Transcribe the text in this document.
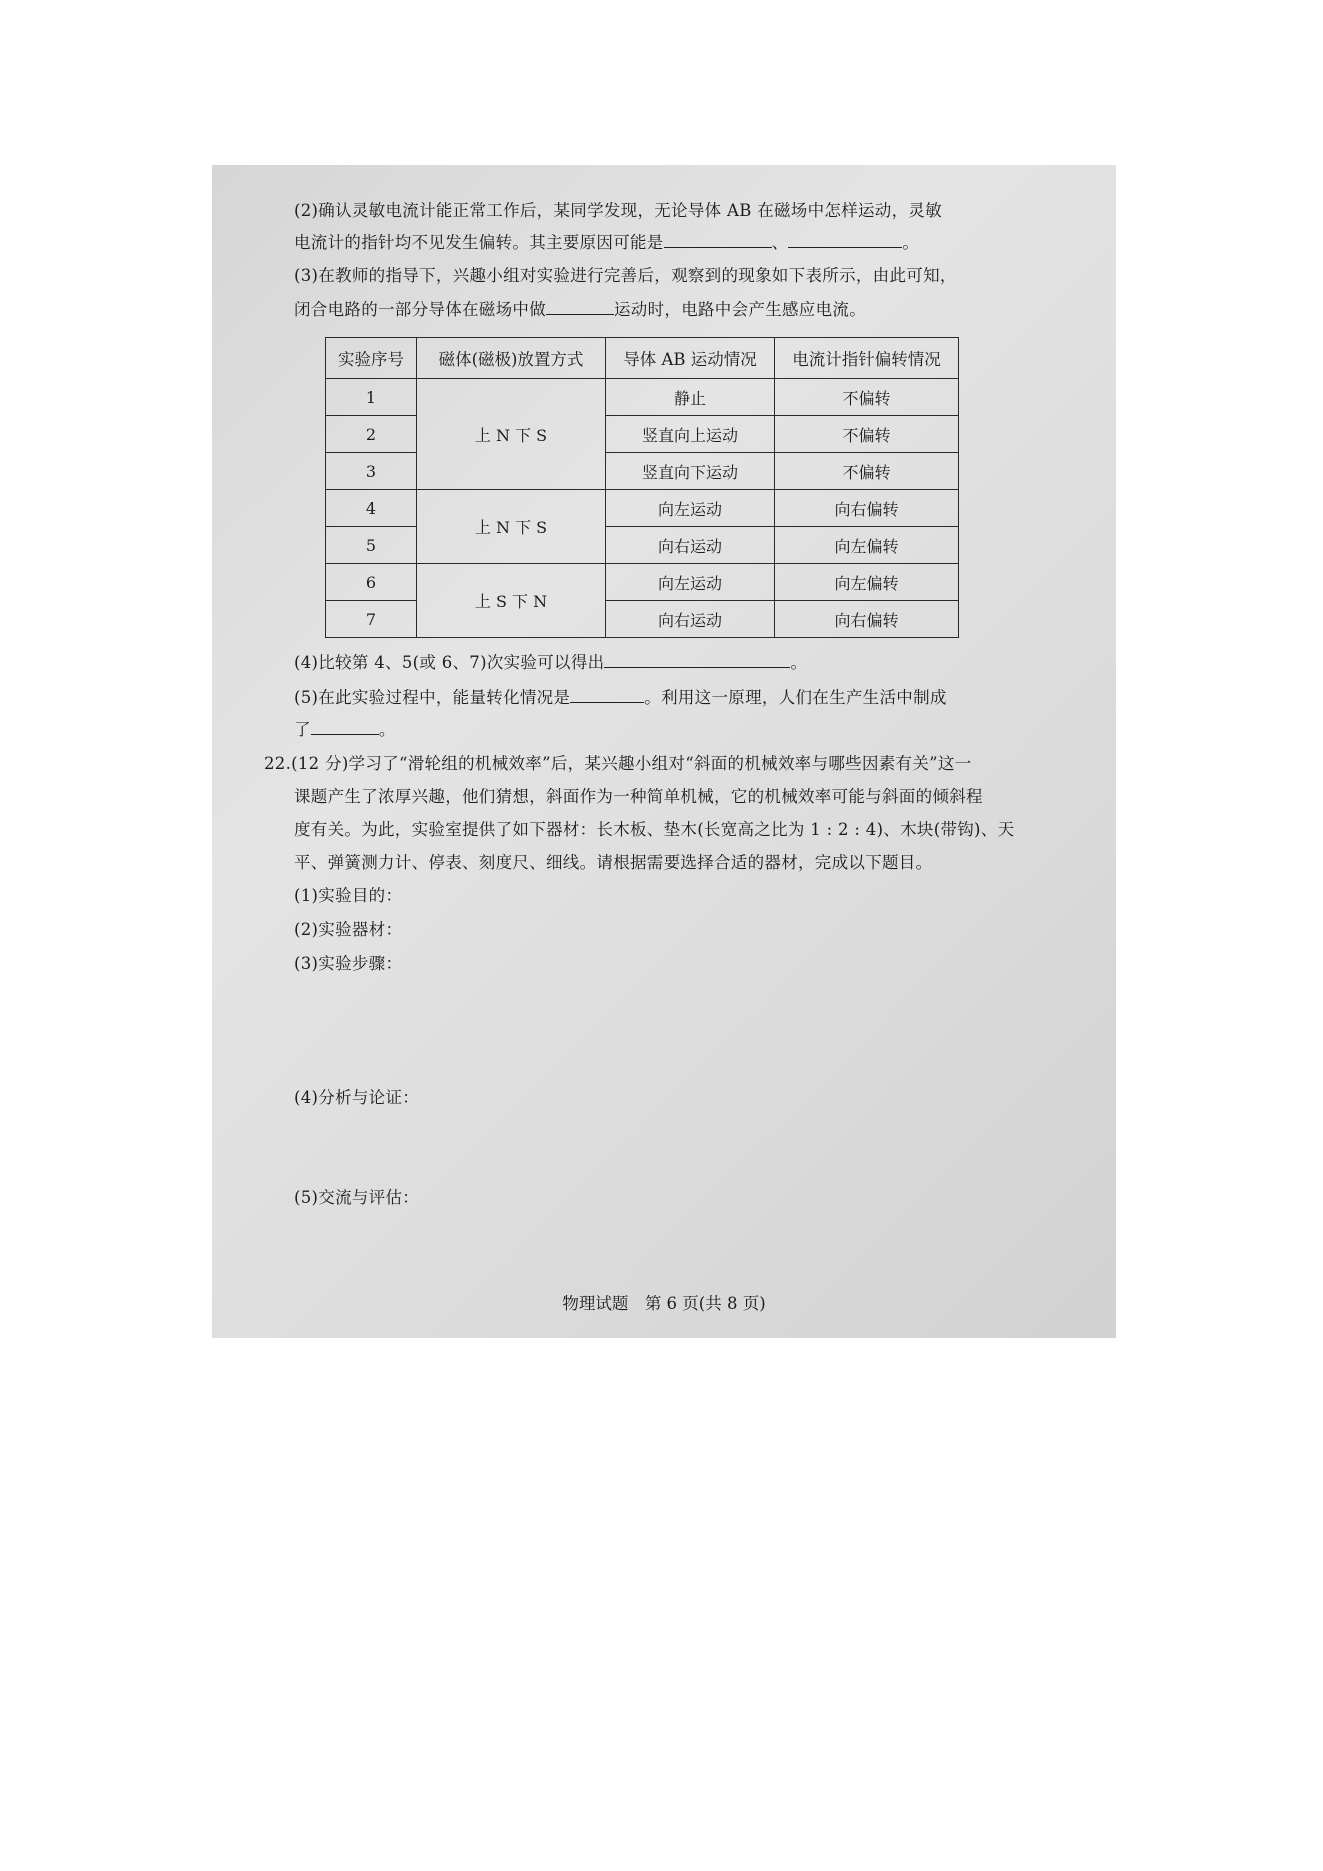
(2)确认灵敏电流计能正常工作后，某同学发现，无论导体 AB 在磁场中怎样运动，灵敏
电流计的指针均不见发生偏转。其主要原因可能是	、	。
(3)在教师的指导下，兴趣小组对实验进行完善后，观察到的现象如下表所示，由此可知，
闭合电路的一部分导体在磁场中做	运动时，电路中会产生感应电流。
实验序号	磁体(磁极)放置方式	导体 AB 运动情况	电流计指针偏转情况
1	上 N 下 S	静止	不偏转
2		竖直向上运动	不偏转
3		竖直向下运动	不偏转
4	上 N 下 S	向左运动	向右偏转
5		向右运动	向左偏转
6	上 S 下 N	向左运动	向左偏转
7		向右运动	向右偏转
(4)比较第 4、5(或 6、7)次实验可以得出	。
(5)在此实验过程中，能量转化情况是	。利用这一原理，人们在生产生活中制成
了	。
22.(12 分)学习了“滑轮组的机械效率”后，某兴趣小组对“斜面的机械效率与哪些因素有关”这一
课题产生了浓厚兴趣，他们猜想，斜面作为一种简单机械，它的机械效率可能与斜面的倾斜程
度有关。为此，实验室提供了如下器材：长木板、垫木(长宽高之比为 1 : 2 : 4)、木块(带钩)、天
平、弹簧测力计、停表、刻度尺、细线。请根据需要选择合适的器材，完成以下题目。
(1)实验目的：
(2)实验器材：
(3)实验步骤：
(4)分析与论证：
(5)交流与评估：
物理试题　第 6 页(共 8 页)
